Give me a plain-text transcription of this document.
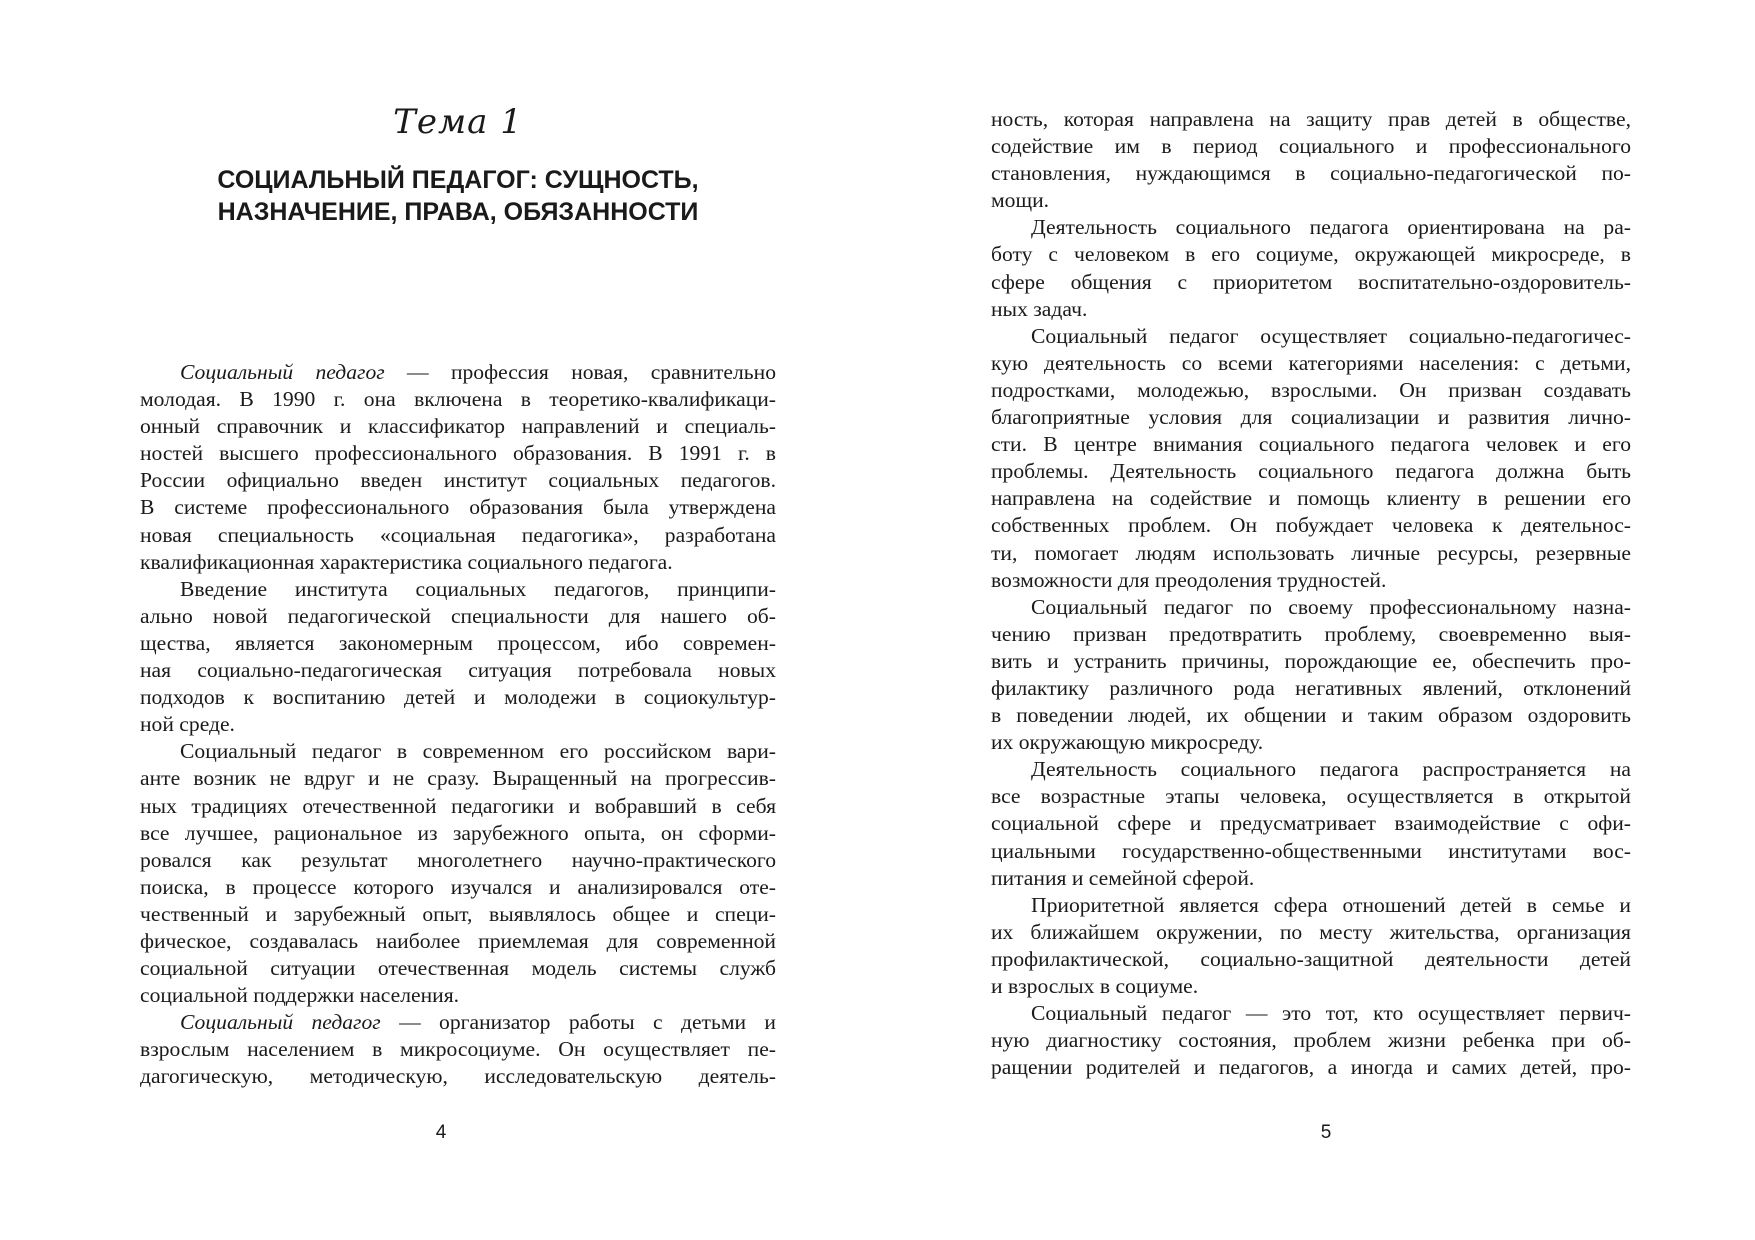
Тема 1
СОЦИАЛЬНЫЙ ПЕДАГОГ: СУЩНОСТЬ,
НАЗНАЧЕНИЕ, ПРАВА, ОБЯЗАННОСТИ
Социальный педагог — профессия новая, сравнительно
молодая. В 1990 г. она включена в теоретико-квалификаци-
онный справочник и классификатор направлений и специаль-
ностей высшего профессионального образования. В 1991 г. в
России официально введен институт социальных педагогов.
В системе профессионального образования была утверждена
новая специальность «социальная педагогика», разработана
квалификационная характеристика социального педагога.
Введение института социальных педагогов, принципи-
ально новой педагогической специальности для нашего об-
щества, является закономерным процессом, ибо современ-
ная социально-педагогическая ситуация потребовала новых
подходов к воспитанию детей и молодежи в социокультур-
ной среде.
Социальный педагог в современном его российском вари-
анте возник не вдруг и не сразу. Выращенный на прогрессив-
ных традициях отечественной педагогики и вобравший в себя
все лучшее, рациональное из зарубежного опыта, он сформи-
ровался как результат многолетнего научно-практического
поиска, в процессе которого изучался и анализировался оте-
чественный и зарубежный опыт, выявлялось общее и специ-
фическое, создавалась наиболее приемлемая для современной
социальной ситуации отечественная модель системы служб
социальной поддержки населения.
Социальный педагог — организатор работы с детьми и
взрослым населением в микросоциуме. Он осуществляет пе-
дагогическую, методическую, исследовательскую деятель-
4
ность, которая направлена на защиту прав детей в обществе,
содействие им в период социального и профессионального
становления, нуждающимся в социально-педагогической по-
мощи.
Деятельность социального педагога ориентирована на ра-
боту с человеком в его социуме, окружающей микросреде, в
сфере общения с приоритетом воспитательно-оздоровитель-
ных задач.
Социальный педагог осуществляет социально-педагогичес-
кую деятельность со всеми категориями населения: с детьми,
подростками, молодежью, взрослыми. Он призван создавать
благоприятные условия для социализации и развития лично-
сти. В центре внимания социального педагога человек и его
проблемы. Деятельность социального педагога должна быть
направлена на содействие и помощь клиенту в решении его
собственных проблем. Он побуждает человека к деятельнос-
ти, помогает людям использовать личные ресурсы, резервные
возможности для преодоления трудностей.
Социальный педагог по своему профессиональному назна-
чению призван предотвратить проблему, своевременно выя-
вить и устранить причины, порождающие ее, обеспечить про-
филактику различного рода негативных явлений, отклонений
в поведении людей, их общении и таким образом оздоровить
их окружающую микросреду.
Деятельность социального педагога распространяется на
все возрастные этапы человека, осуществляется в открытой
социальной сфере и предусматривает взаимодействие с офи-
циальными государственно-общественными институтами вос-
питания и семейной сферой.
Приоритетной является сфера отношений детей в семье и
их ближайшем окружении, по месту жительства, организация
профилактической, социально-защитной деятельности детей
и взрослых в социуме.
Социальный педагог — это тот, кто осуществляет первич-
ную диагностику состояния, проблем жизни ребенка при об-
ращении родителей и педагогов, а иногда и самих детей, про-
5
